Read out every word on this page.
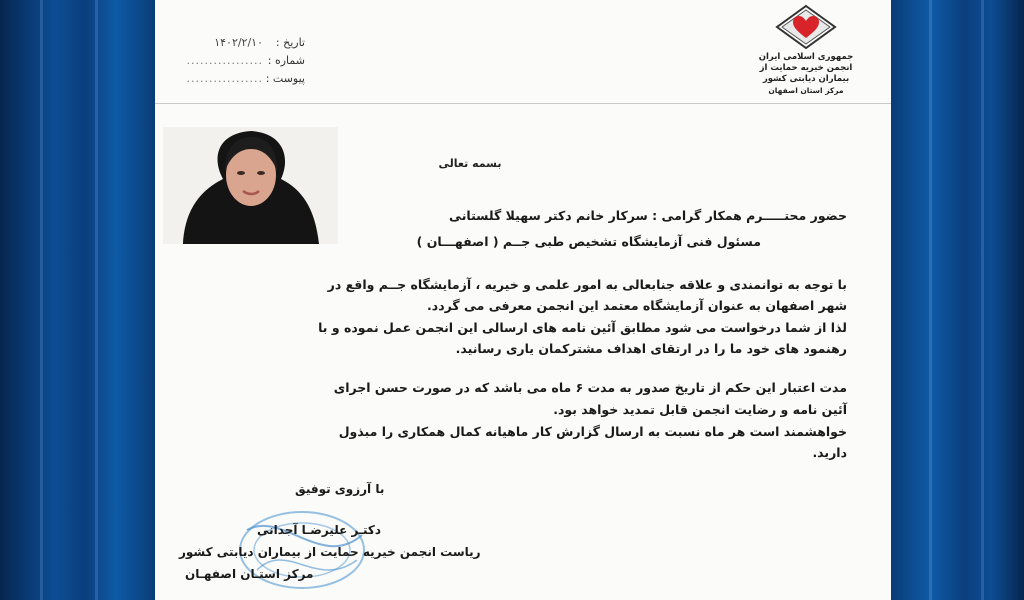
جمهوری اسلامی ایران
انجمن خیریه حمایت از
بیماران دیابتی کشور
مرکز استان اصفهان
تاریخ :
۱۴۰۲/۲/۱۰
شماره :
.................
پیوست :
.................
بسمه تعالی
حضور محتـــــرم همکار گرامی : سرکار خانم دکتر سهیلا گلستانی
مسئول فنی آزمایشگاه تشخیص طبی جــم ( اصفهـــان )
با توجه به توانمندی و علاقه جنابعالی به امور علمی و خیریه ، آزمایشگاه جــم واقع در
شهر اصفهان به عنوان آزمایشگاه معتمد این انجمن معرفی می گردد.
لذا از شما درخواست می شود مطابق آئین نامه های ارسالی این انجمن عمل نموده و با
رهنمود های خود ما را در ارتقای اهداف مشترکمان یاری رسانید.
مدت اعتبار این حکم از تاریخ صدور به مدت ۶ ماه می باشد که در صورت حسن اجرای
آئین نامه و رضایت انجمن قابل تمدید خواهد بود.
خواهشمند است هر ماه نسبت به ارسال گزارش کار ماهیانه کمال همکاری را مبذول
دارید.
با آرزوی توفیق
دکتـر علیرضـا آجدانی
ریاست انجمن خیریه حمایت از بیماران دیابتی کشور
مرکز استـان اصفهـان
